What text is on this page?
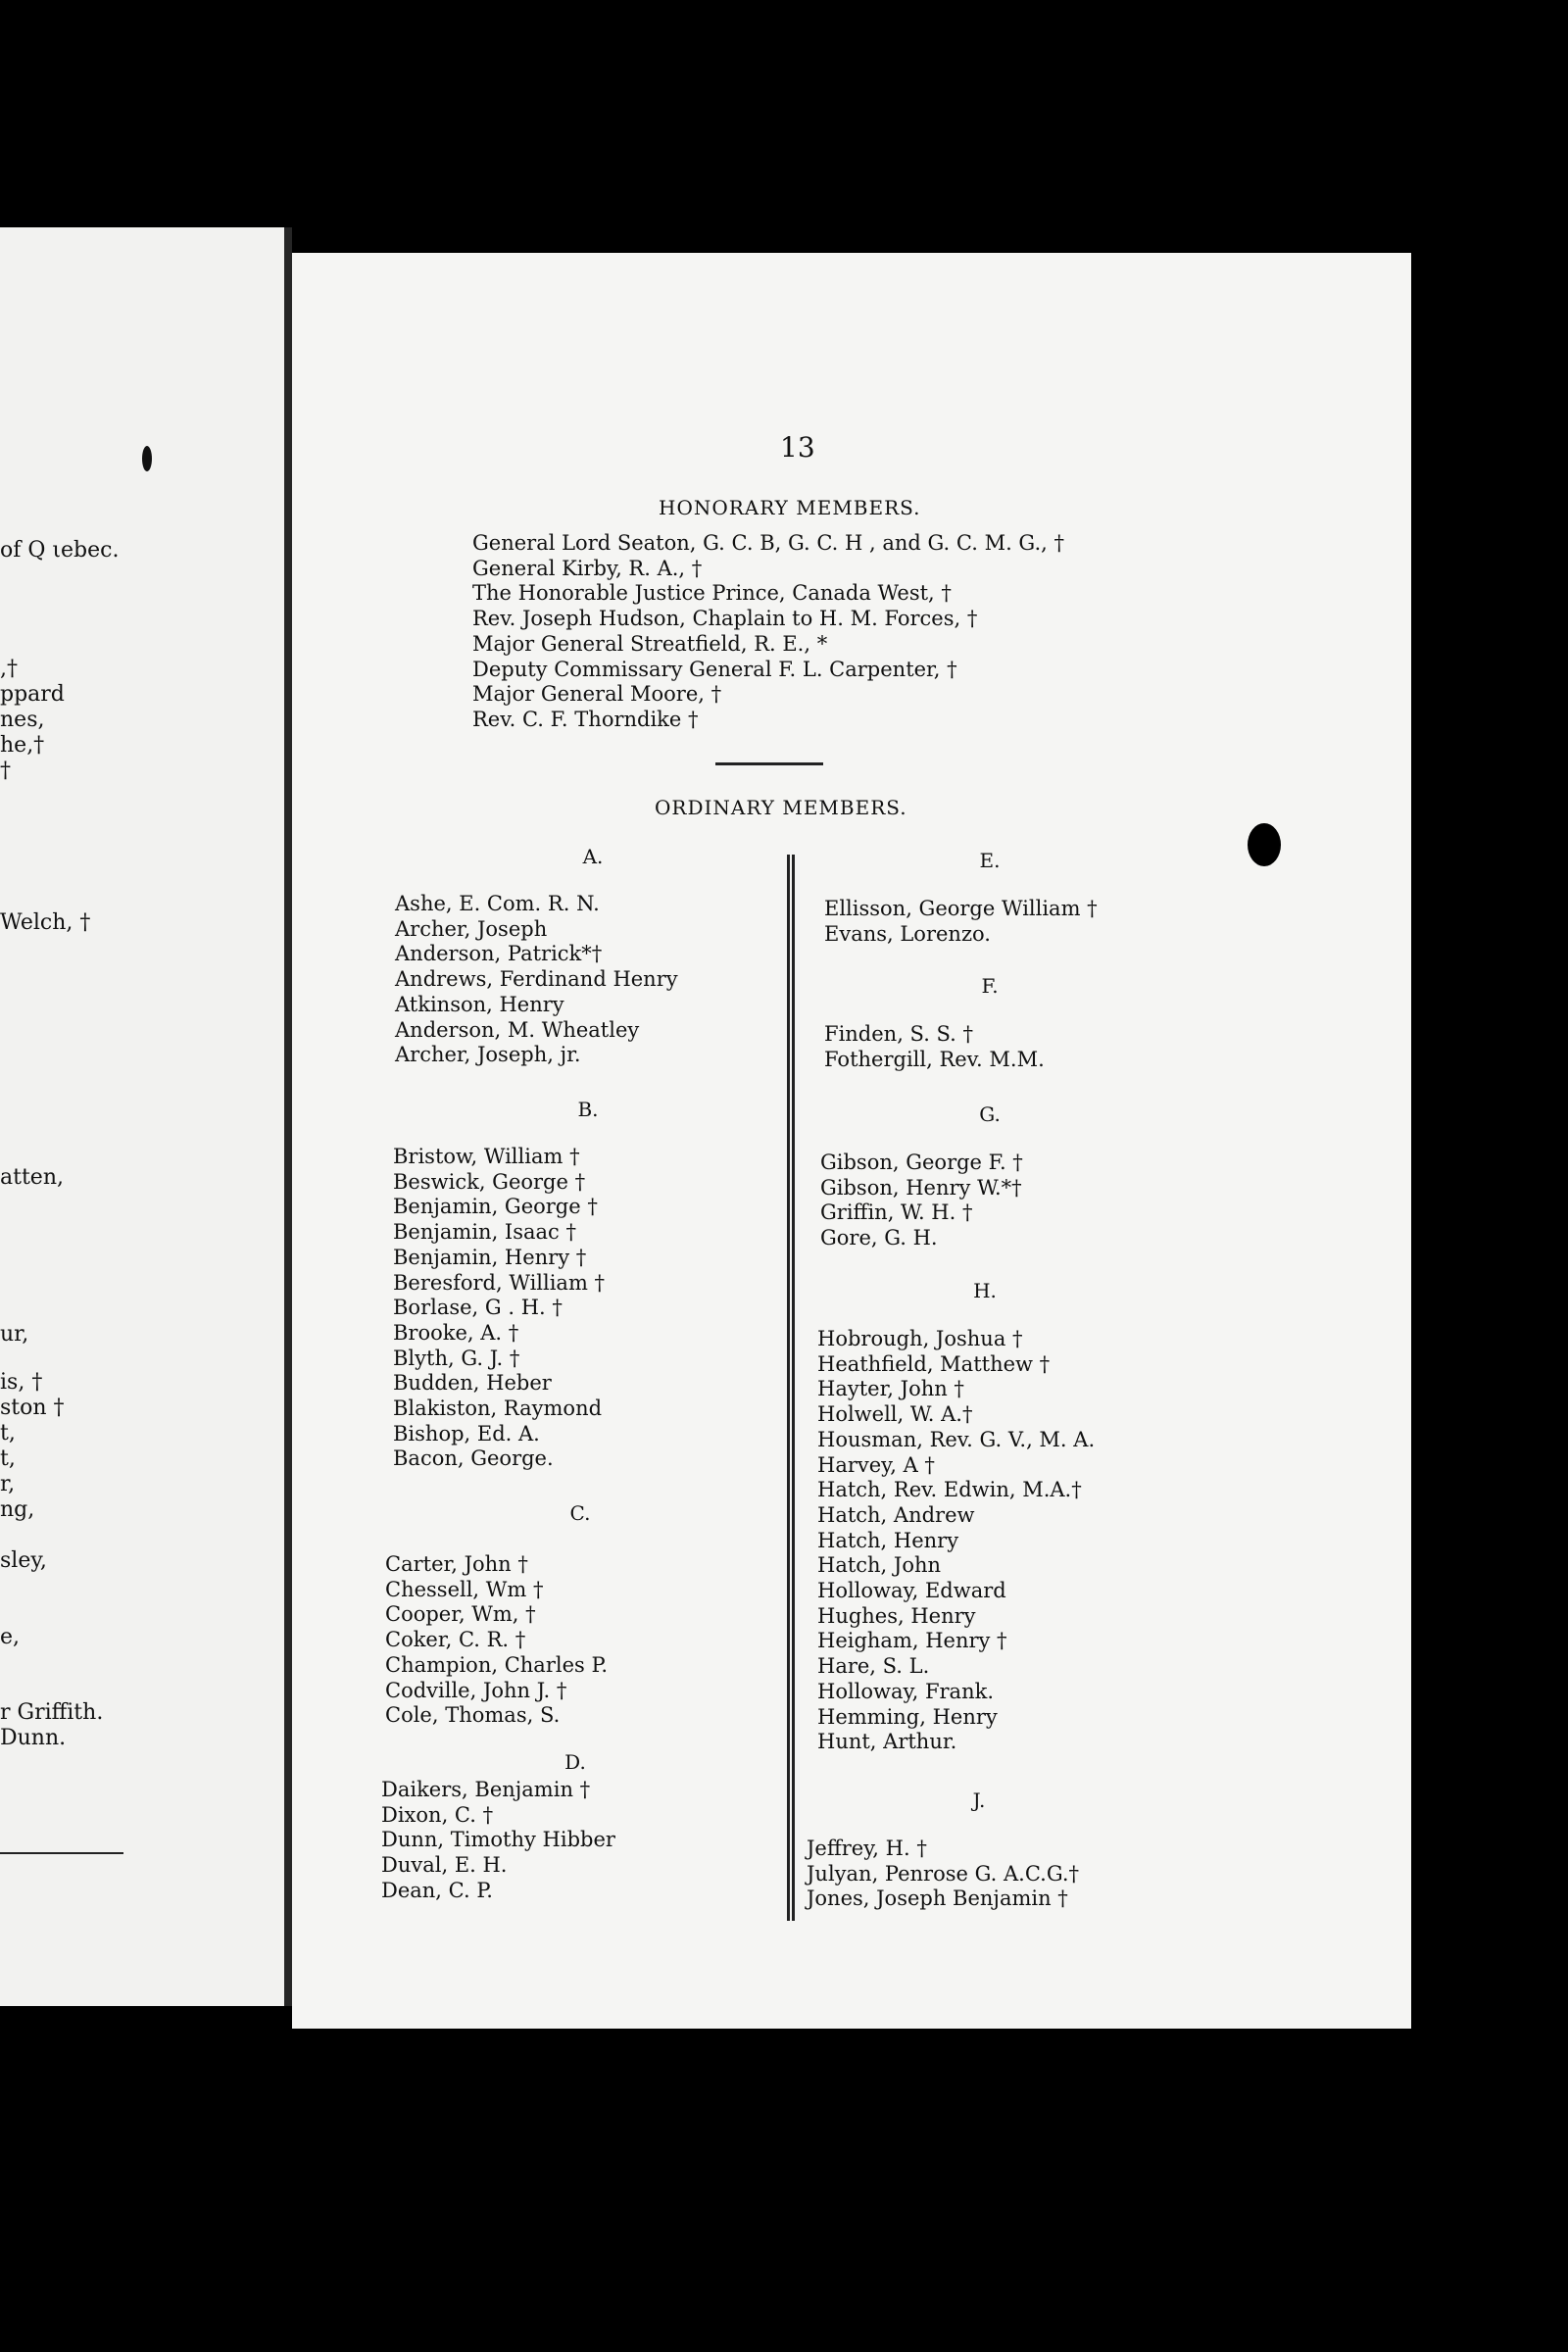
of Q ιebec.
,†
ppard
nes,
he,†
†
Welch, †
atten,
ur,
is, †
ston †
t,
t,
r,
ng,
sley,
e,
r Griffith.
Dunn.
13
HONORARY MEMBERS.
General Lord Seaton, G. C. B, G. C. H , and G. C. M. G., †
General Kirby, R. A., †
The Honorable Justice Prince, Canada West, †
Rev. Joseph Hudson, Chaplain to H. M. Forces, †
Major General Streatfield, R. E., *
Deputy Commissary General F. L. Carpenter, †
Major General Moore, †
Rev. C. F. Thorndike †
ORDINARY MEMBERS.
A.
Ashe, E. Com. R. N.
Archer, Joseph
Anderson, Patrick*†
Andrews, Ferdinand Henry
Atkinson, Henry
Anderson, M. Wheatley
Archer, Joseph, jr.
B.
Bristow, William †
Beswick, George †
Benjamin, George †
Benjamin, Isaac †
Benjamin, Henry †
Beresford, William †
Borlase, G . H. †
Brooke, A. †
Blyth, G. J. †
Budden, Heber
Blakiston, Raymond
Bishop, Ed. A.
Bacon, George.
C.
Carter, John †
Chessell, Wm †
Cooper, Wm, †
Coker, C. R. †
Champion, Charles P.
Codville, John J. †
Cole, Thomas, S.
D.
Daikers, Benjamin †
Dixon, C. †
Dunn, Timothy Hibber
Duval, E. H.
Dean, C. P.
E.
Ellisson, George William †
Evans, Lorenzo.
F.
Finden, S. S. †
Fothergill, Rev. M.M.
G.
Gibson, George F. †
Gibson, Henry W.*†
Griffin, W. H. †
Gore, G. H.
H.
Hobrough, Joshua †
Heathfield, Matthew †
Hayter, John †
Holwell, W. A.†
Housman, Rev. G. V., M. A.
Harvey, A †
Hatch, Rev. Edwin, M.A.†
Hatch, Andrew
Hatch, Henry
Hatch, John
Holloway, Edward
Hughes, Henry
Heigham, Henry †
Hare, S. L.
Holloway, Frank.
Hemming, Henry
Hunt, Arthur.
J.
Jeffrey, H. †
Julyan, Penrose G. A.C.G.†
Jones, Joseph Benjamin †
